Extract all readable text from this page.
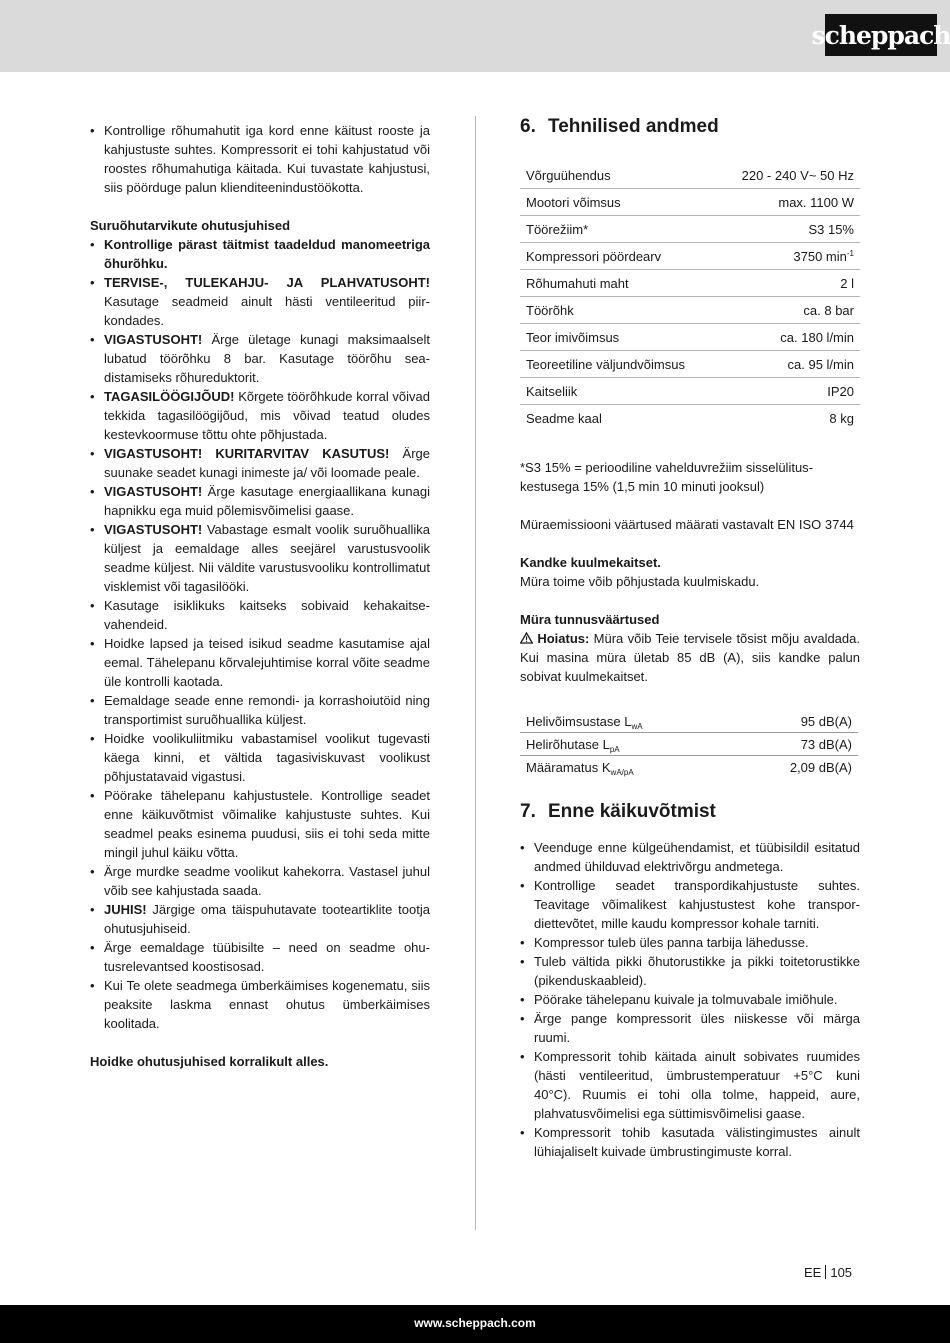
scheppach
• Kontrollige rõhumahutit iga kord enne käitust rooste ja kahjustuste suhtes. Kompressorit ei tohi kahjustatud või roostes rõhumahutiga käitada. Kui tuvastate kahjustusi, siis pöörduge palun klienditeenindustöökotta.

Suruõhutarvikute ohutusjuhised

• Kontrollige pärast täitmist taadeldud manomeetriga õhurõhku.
• TERVISE-, TULEKAHJU- JA PLAHVATUSOHT! Kasutage seadmeid ainult hästi ventileeritud piirkondades.
• VIGASTUSOHT! Ärge ületage kunagi maksimaalselt lubatud töörõhku 8 bar. Kasutage töörõhu seadistamiseks rõhureduktorit.
• TAGASILÖÖGIJÕUD! Kõrgete töörõhkude korral võivad tekkida tagasilöögijõud, mis võivad teatud oludes kestevkoormuse tõttu ohte põhjustada.
• VIGASTUSOHT! KURITARVITAV KASUTUS! Ärge suunake seadet kunagi inimeste ja/ või loomade peale.
• VIGASTUSOHT! Ärge kasutage energiaallikana kunagi hapnikku ega muid põlemisvõimelisi gaase.
• VIGASTUSOHT! Vabastage esmalt voolik suruõhuallika küljest ja eemaldage alles seejärel varustusvoolik seadme küljest. Nii väldite varustusvooliku kontrollimatut visklemist või tagasilööki.
• Kasutage isiklikuks kaitseks sobivaid kehakaitsevahendeid.
• Hoidke lapsed ja teised isikud seadme kasutamise ajal eemal. Tähelepanu kõrvalejuhtimise korral võite seadme üle kontrolli kaotada.
• Eemaldage seade enne remondi- ja korrashoiutöid ning transportimist suruõhuallika küljest.
• Hoidke voolikuliitmiku vabastamisel voolikut tugevasti käega kinni, et vältida tagasiviskuvast voolikust põhjustatavaid vigastusi.
• Pöörake tähelepanu kahjustustele. Kontrollige seadet enne käikuvõtmist võimalike kahjustuste suhtes. Kui seadmel peaks esinema puudusi, siis ei tohi seda mitte mingil juhul käiku võtta.
• Ärge murdke seadme voolikut kahekorra. Vastasel juhul võib see kahjustada saada.
• JUHIS! Järgige oma täispuhutavate tooteartiklite tootja ohutusjuhiseid.
• Ärge eemaldage tüübisilte – need on seadme ohutusrelevantsed koostisosad.
• Kui Te olete seadmega ümberkäimises kogenematu, siis peaksite laskma ennast ohutus ümberkäimises koolitada.

Hoidke ohutusjuhised korralikult alles.

6. Tehnilised andmed
Võrguühendus	220 - 240 V~ 50 Hz
Mootori võimsus	max. 1100 W
Töörežiim*	S3 15%
Kompressori pöördearv	3750 $\min^{-1}$
Rõhumahuti maht	2 l
Töörõhk	ca. 8 bar
Teor imivõimsus	ca. 180 l/min
Teoreetiline väljundvõimsus	ca. 95 l/min
Kaitseliik	IP20
Seadme kaal	8 kg

*S3 15% = perioodiline vahelduvrežiim sisselülituskestusega 15% (1,5 min 10 minuti jooksul)

Müraemissiooni väärtused määrati vastavalt EN ISO 3744

Kandke kuulmekaitset.

Müra toime võib põhjustada kuulmiskadu.

Müra tunnusväärtused

Hoiatus: Müra võib Teie tervisele tõsist mõju avaldada. Kui masina müra ületab 85 dB (A), siis kandke palun sobivat kuulmekaitset.

Helivõimsustase $L_{wA}$	95 dB(A)
Helirõhutase $L_{pA}$	73 dB(A)
Määramatus $K_{wA/pA}$	2,09 dB(A)
7. Enne käikuvõtmist
• Veenduge enne külgeühendamist, et tüübisildil esitatud andmed ühilduvad elektrivõrgu andmetega.
• Kontrollige seadet transpordikahjustuste suhtes. Teavitage võimalikest kahjustustest kohe transpordiettevõtet, mille kaudu kompressor kohale tarniti.
• Kompressor tuleb üles panna tarbija lähedusse.
• Tuleb vältida pikki õhutorustikke ja pikki toitetorustikke (pikenduskaableid).
• Pöörake tähelepanu kuivale ja tolmuvabale imiõhule.
• Ärge pange kompressorit üles niiskesse või märga ruumi.
• Kompressorit tohib käitada ainult sobivates ruumides (hästi ventileeritud, ümbrustemperatuur +5°C kuni 40°C). Ruumis ei tohi olla tolme, happeid, aure, plahvatusvõimelisi ega süttimisvõimelisi gaase.
• Kompressorit tohib kasutada välistingimustes ainult lühiajaliselt kuivade ümbrustingimuste korral.
EE 105
www.scheppach.com
